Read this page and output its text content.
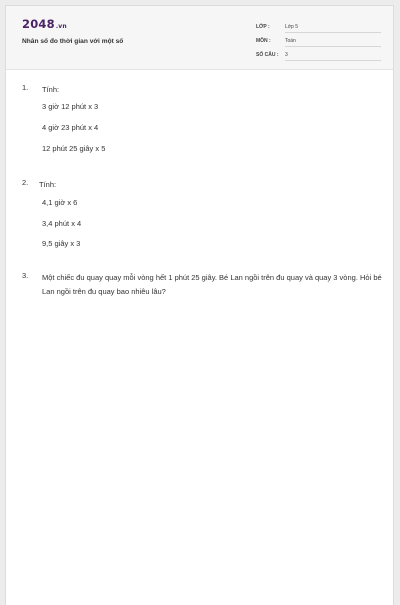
2048.vn
Nhân số đo thời gian với một số
LỚP :	Lớp 5
MÔN :	Toán
SỐ CÂU : 3
1. Tính:
3 giờ 12 phút x 3
4 giờ 23 phút x 4
12 phút 25 giây x 5
2. Tính:
4,1 giờ x 6
3,4 phút x 4
9,5 giây x 3
3. Một chiếc đu quay quay mỗi vòng hết 1 phút 25 giây. Bé Lan ngồi trên đu quay và quay 3 vòng. Hỏi bé Lan ngồi trên đu quay bao nhiêu lâu?
